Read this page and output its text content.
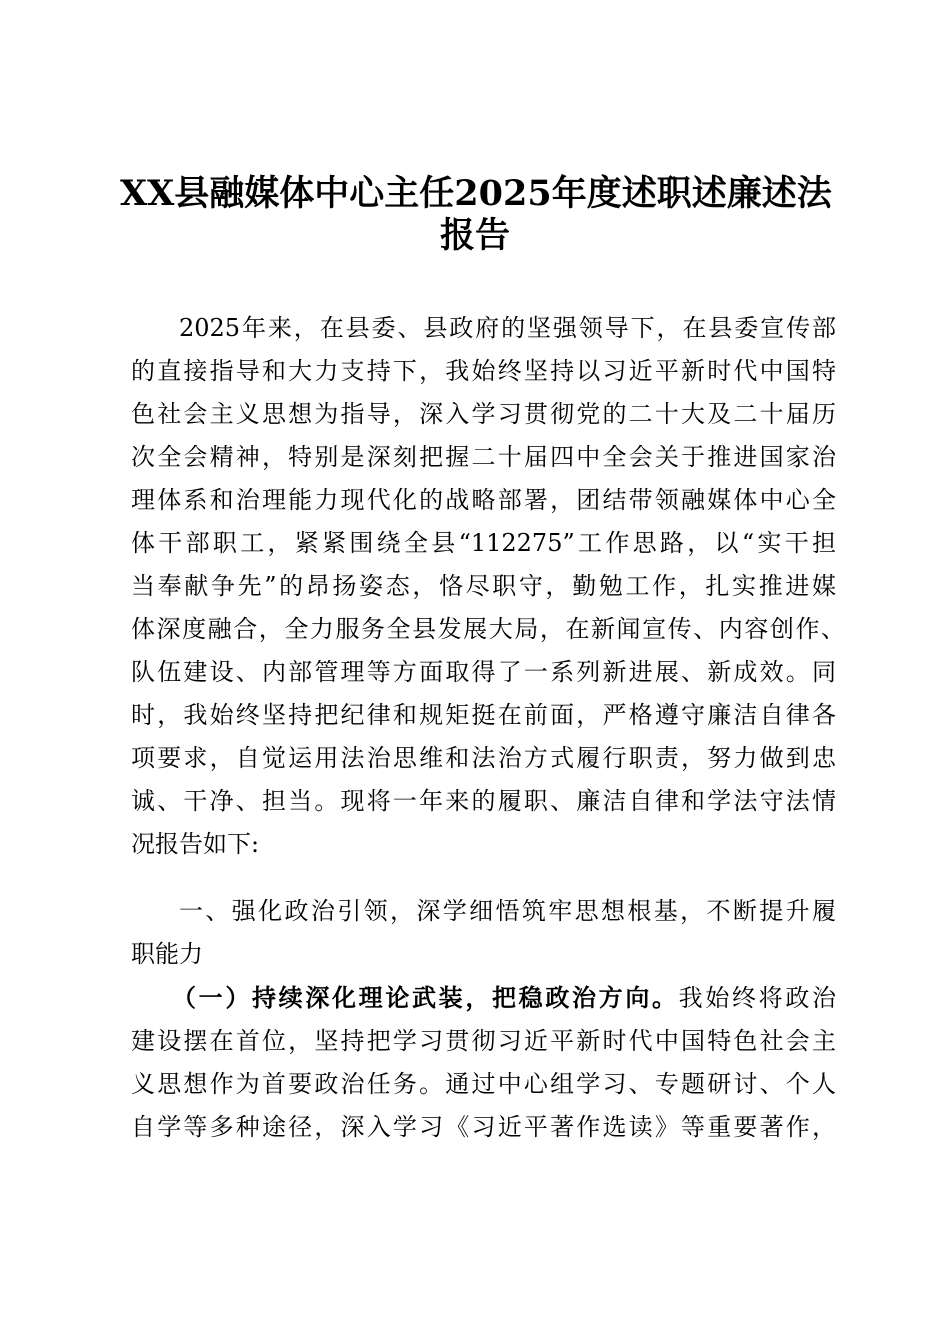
XX县融媒体中心主任2025年度述职述廉述法
报告
2025年来，在县委、县政府的坚强领导下，在县委宣传部
的直接指导和大力支持下，我始终坚持以习近平新时代中国特
色社会主义思想为指导，深入学习贯彻党的二十大及二十届历
次全会精神，特别是深刻把握二十届四中全会关于推进国家治
理体系和治理能力现代化的战略部署，团结带领融媒体中心全
体干部职工，紧紧围绕全县“112275”工作思路，以“实干担
当奉献争先”的昂扬姿态，恪尽职守，勤勉工作，扎实推进媒
体深度融合，全力服务全县发展大局，在新闻宣传、内容创作、
队伍建设、内部管理等方面取得了一系列新进展、新成效。同
时，我始终坚持把纪律和规矩挺在前面，严格遵守廉洁自律各
项要求，自觉运用法治思维和法治方式履行职责，努力做到忠
诚、干净、担当。现将一年来的履职、廉洁自律和学法守法情
况报告如下:
一、强化政治引领，深学细悟筑牢思想根基，不断提升履
职能力
（一）持续深化理论武装，把稳政治方向。我始终将政治
建设摆在首位，坚持把学习贯彻习近平新时代中国特色社会主
义思想作为首要政治任务。通过中心组学习、专题研讨、个人
自学等多种途径，深入学习《习近平著作选读》等重要著作，
